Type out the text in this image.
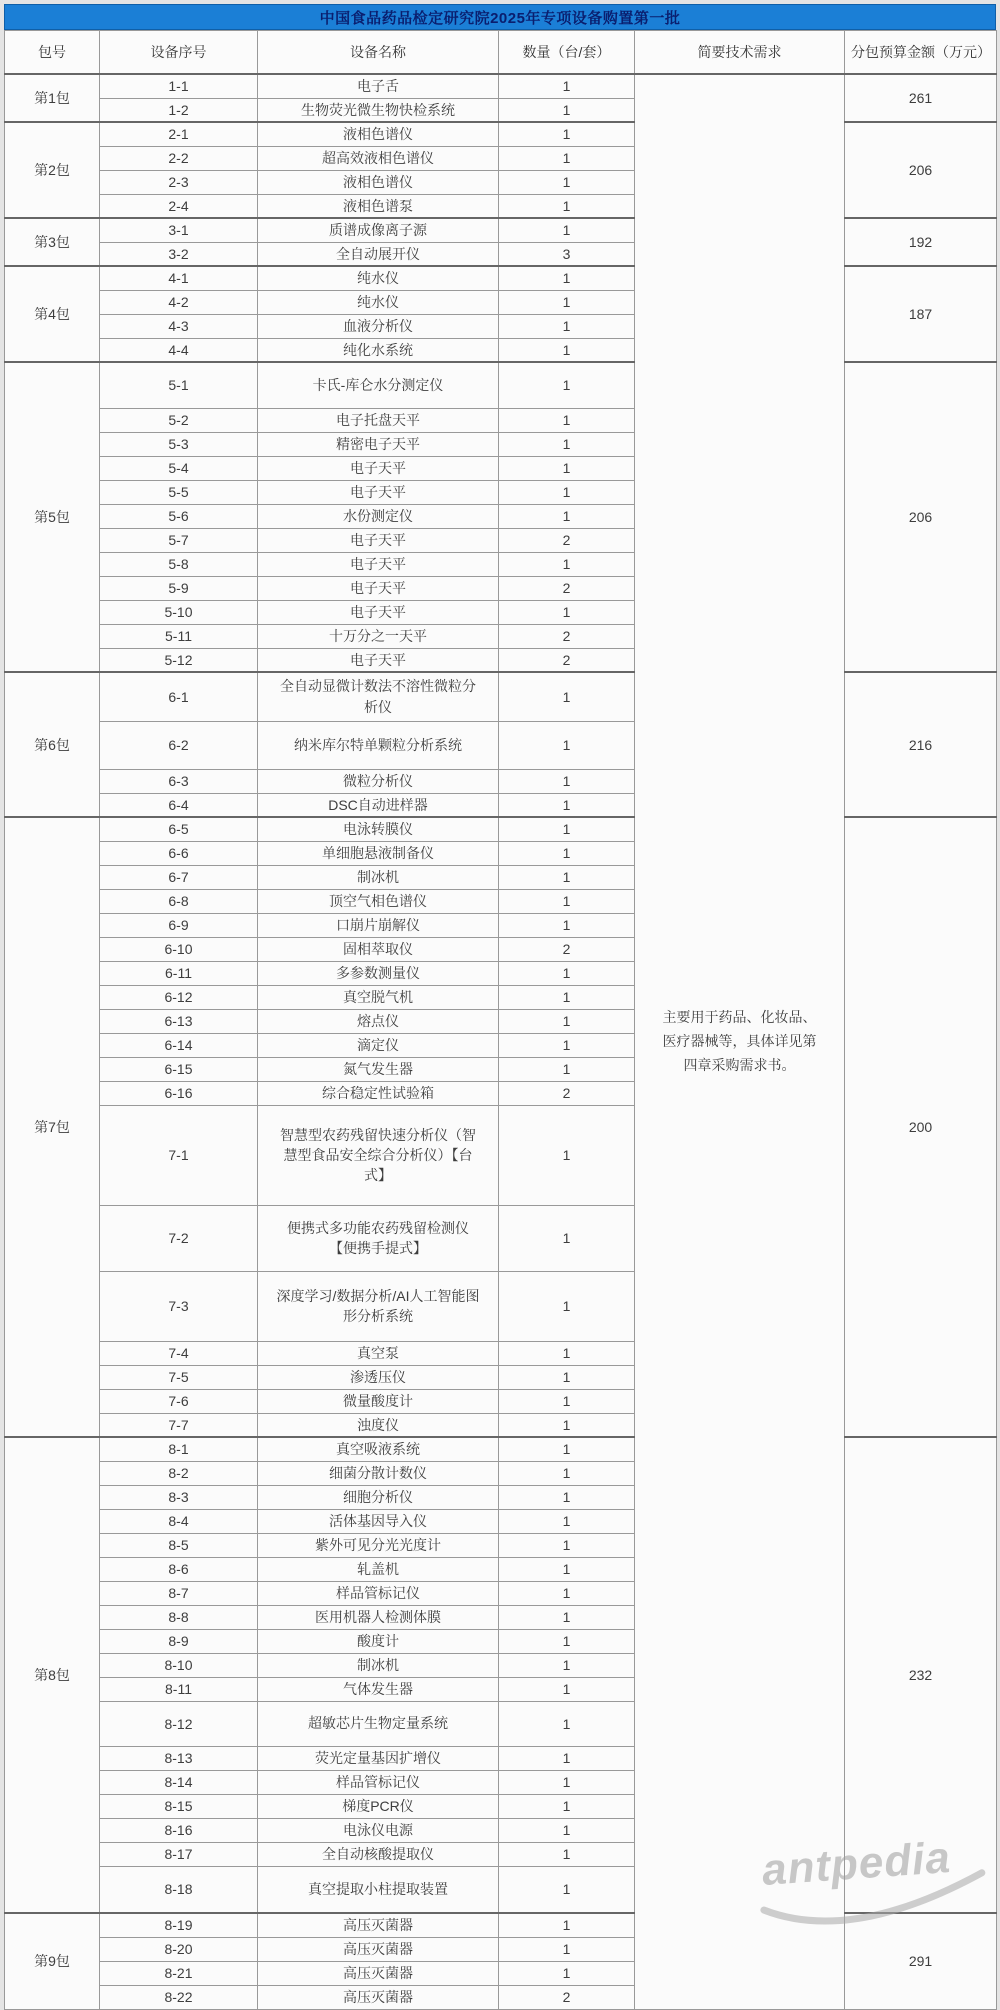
中国食品药品检定研究院2025年专项设备购置第一批
包号	设备序号	设备名称	数量（台/套）	简要技术需求	分包预算金额（万元）
第1包	1-1	电子舌	1	主要用于药品、化妆品、医疗器械等，具体详见第四章采购需求书。	261
	1-2	生物荧光微生物快检系统	1		
第2包	2-1	液相色谱仪	1		206
	2-2	超高效液相色谱仪	1		
	2-3	液相色谱仪	1		
	2-4	液相色谱泵	1		
第3包	3-1	质谱成像离子源	1		192
	3-2	全自动展开仪	3		
第4包	4-1	纯水仪	1		187
	4-2	纯水仪	1		
	4-3	血液分析仪	1		
	4-4	纯化水系统	1		
第5包	5-1	卡氏-库仑水分测定仪	1		206
	5-2	电子托盘天平	1		
	5-3	精密电子天平	1		
	5-4	电子天平	1		
	5-5	电子天平	1		
	5-6	水份测定仪	1		
	5-7	电子天平	2		
	5-8	电子天平	1		
	5-9	电子天平	2		
	5-10	电子天平	1		
	5-11	十万分之一天平	2		
	5-12	电子天平	2		
第6包	6-1	全自动显微计数法不溶性微粒分析仪	1		216
	6-2	纳米库尔特单颗粒分析系统	1		
	6-3	微粒分析仪	1		
	6-4	DSC自动进样器	1		
第7包	6-5	电泳转膜仪	1		200
	6-6	单细胞悬液制备仪	1		
	6-7	制冰机	1		
	6-8	顶空气相色谱仪	1		
	6-9	口崩片崩解仪	1		
	6-10	固相萃取仪	2		
	6-11	多参数测量仪	1		
	6-12	真空脱气机	1		
	6-13	熔点仪	1		
	6-14	滴定仪	1		
	6-15	氮气发生器	1		
	6-16	综合稳定性试验箱	2		
	7-1	智慧型农药残留快速分析仪（智慧型食品安全综合分析仪）【台式】	1		
	7-2	便携式多功能农药残留检测仪【便携手提式】	1		
	7-3	深度学习/数据分析/AI人工智能图形分析系统	1		
	7-4	真空泵	1		
	7-5	渗透压仪	1		
	7-6	微量酸度计	1		
	7-7	浊度仪	1		
第8包	8-1	真空吸液系统	1		232
	8-2	细菌分散计数仪	1		
	8-3	细胞分析仪	1		
	8-4	活体基因导入仪	1		
	8-5	紫外可见分光光度计	1		
	8-6	轧盖机	1		
	8-7	样品管标记仪	1		
	8-8	医用机器人检测体膜	1		
	8-9	酸度计	1		
	8-10	制冰机	1		
	8-11	气体发生器	1		
	8-12	超敏芯片生物定量系统	1		
	8-13	荧光定量基因扩增仪	1		
	8-14	样品管标记仪	1		
	8-15	梯度PCR仪	1		
	8-16	电泳仪电源	1		
	8-17	全自动核酸提取仪	1		
	8-18	真空提取小柱提取装置	1		
第9包	8-19	高压灭菌器	1		291
	8-20	高压灭菌器	1		
	8-21	高压灭菌器	1		
	8-22	高压灭菌器	2		
antpedia
